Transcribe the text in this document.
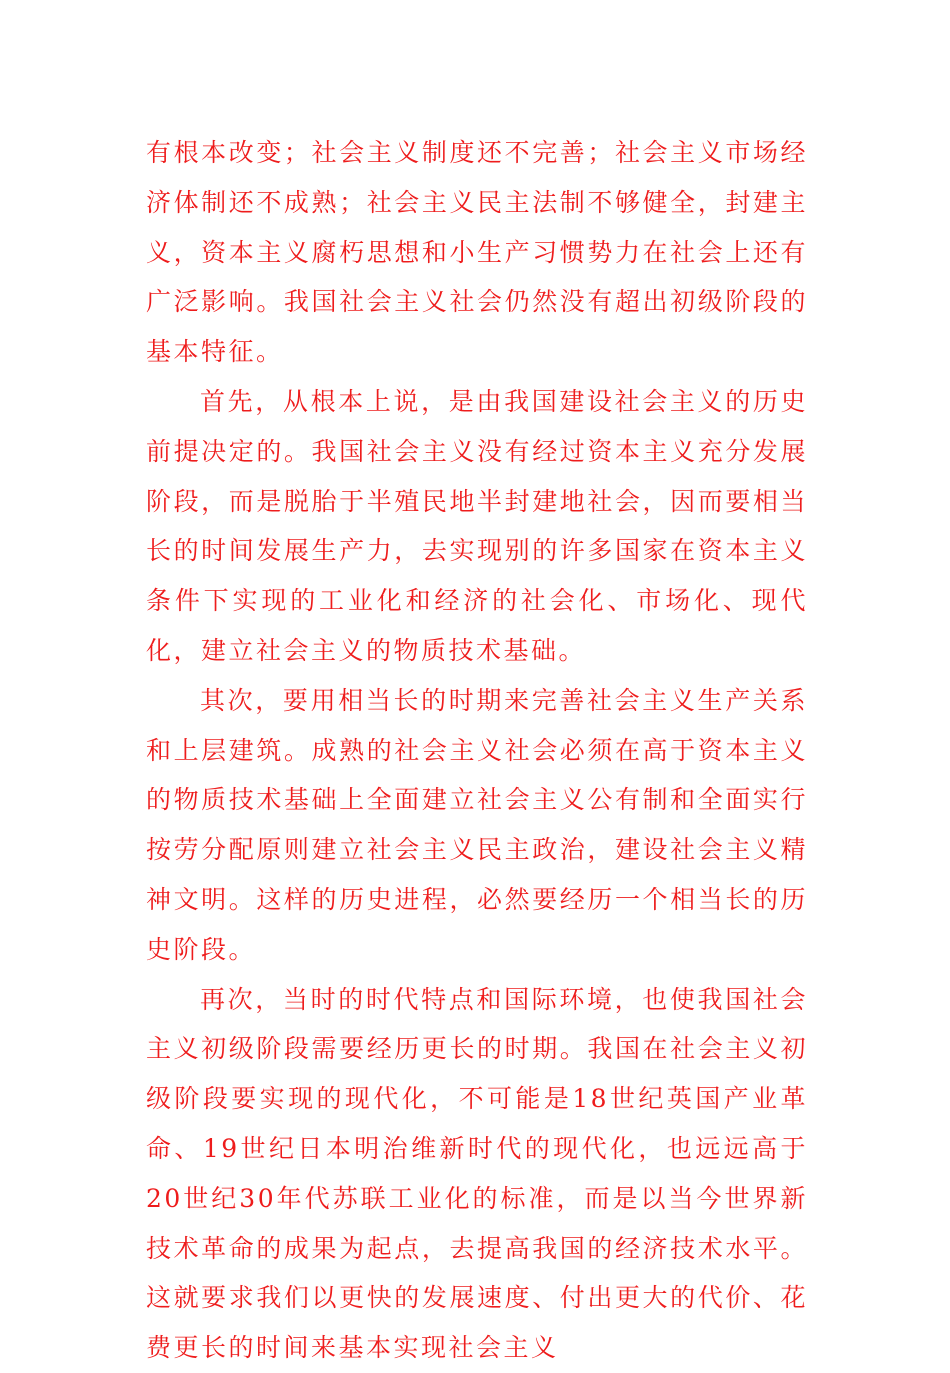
有根本改变；社会主义制度还不完善；社会主义市场经济体制还不成熟；社会主义民主法制不够健全，封建主义，资本主义腐朽思想和小生产习惯势力在社会上还有广泛影响。我国社会主义社会仍然没有超出初级阶段的基本特征。

首先，从根本上说，是由我国建设社会主义的历史前提决定的。我国社会主义没有经过资本主义充分发展阶段，而是脱胎于半殖民地半封建地社会，因而要相当长的时间发展生产力，去实现别的许多国家在资本主义条件下实现的工业化和经济的社会化、市场化、现代化，建立社会主义的物质技术基础。

其次，要用相当长的时期来完善社会主义生产关系和上层建筑。成熟的社会主义社会必须在高于资本主义的物质技术基础上全面建立社会主义公有制和全面实行按劳分配原则建立社会主义民主政治，建设社会主义精神文明。这样的历史进程，必然要经历一个相当长的历史阶段。

再次，当时的时代特点和国际环境，也使我国社会主义初级阶段需要经历更长的时期。我国在社会主义初级阶段要实现的现代化，不可能是18世纪英国产业革命、19世纪日本明治维新时代的现代化，也远远高于20世纪30年代苏联工业化的标准，而是以当今世界新技术革命的成果为起点，去提高我国的经济技术水平。这就要求我们以更快的发展速度、付出更大的代价、花费更长的时间来基本实现社会主义
